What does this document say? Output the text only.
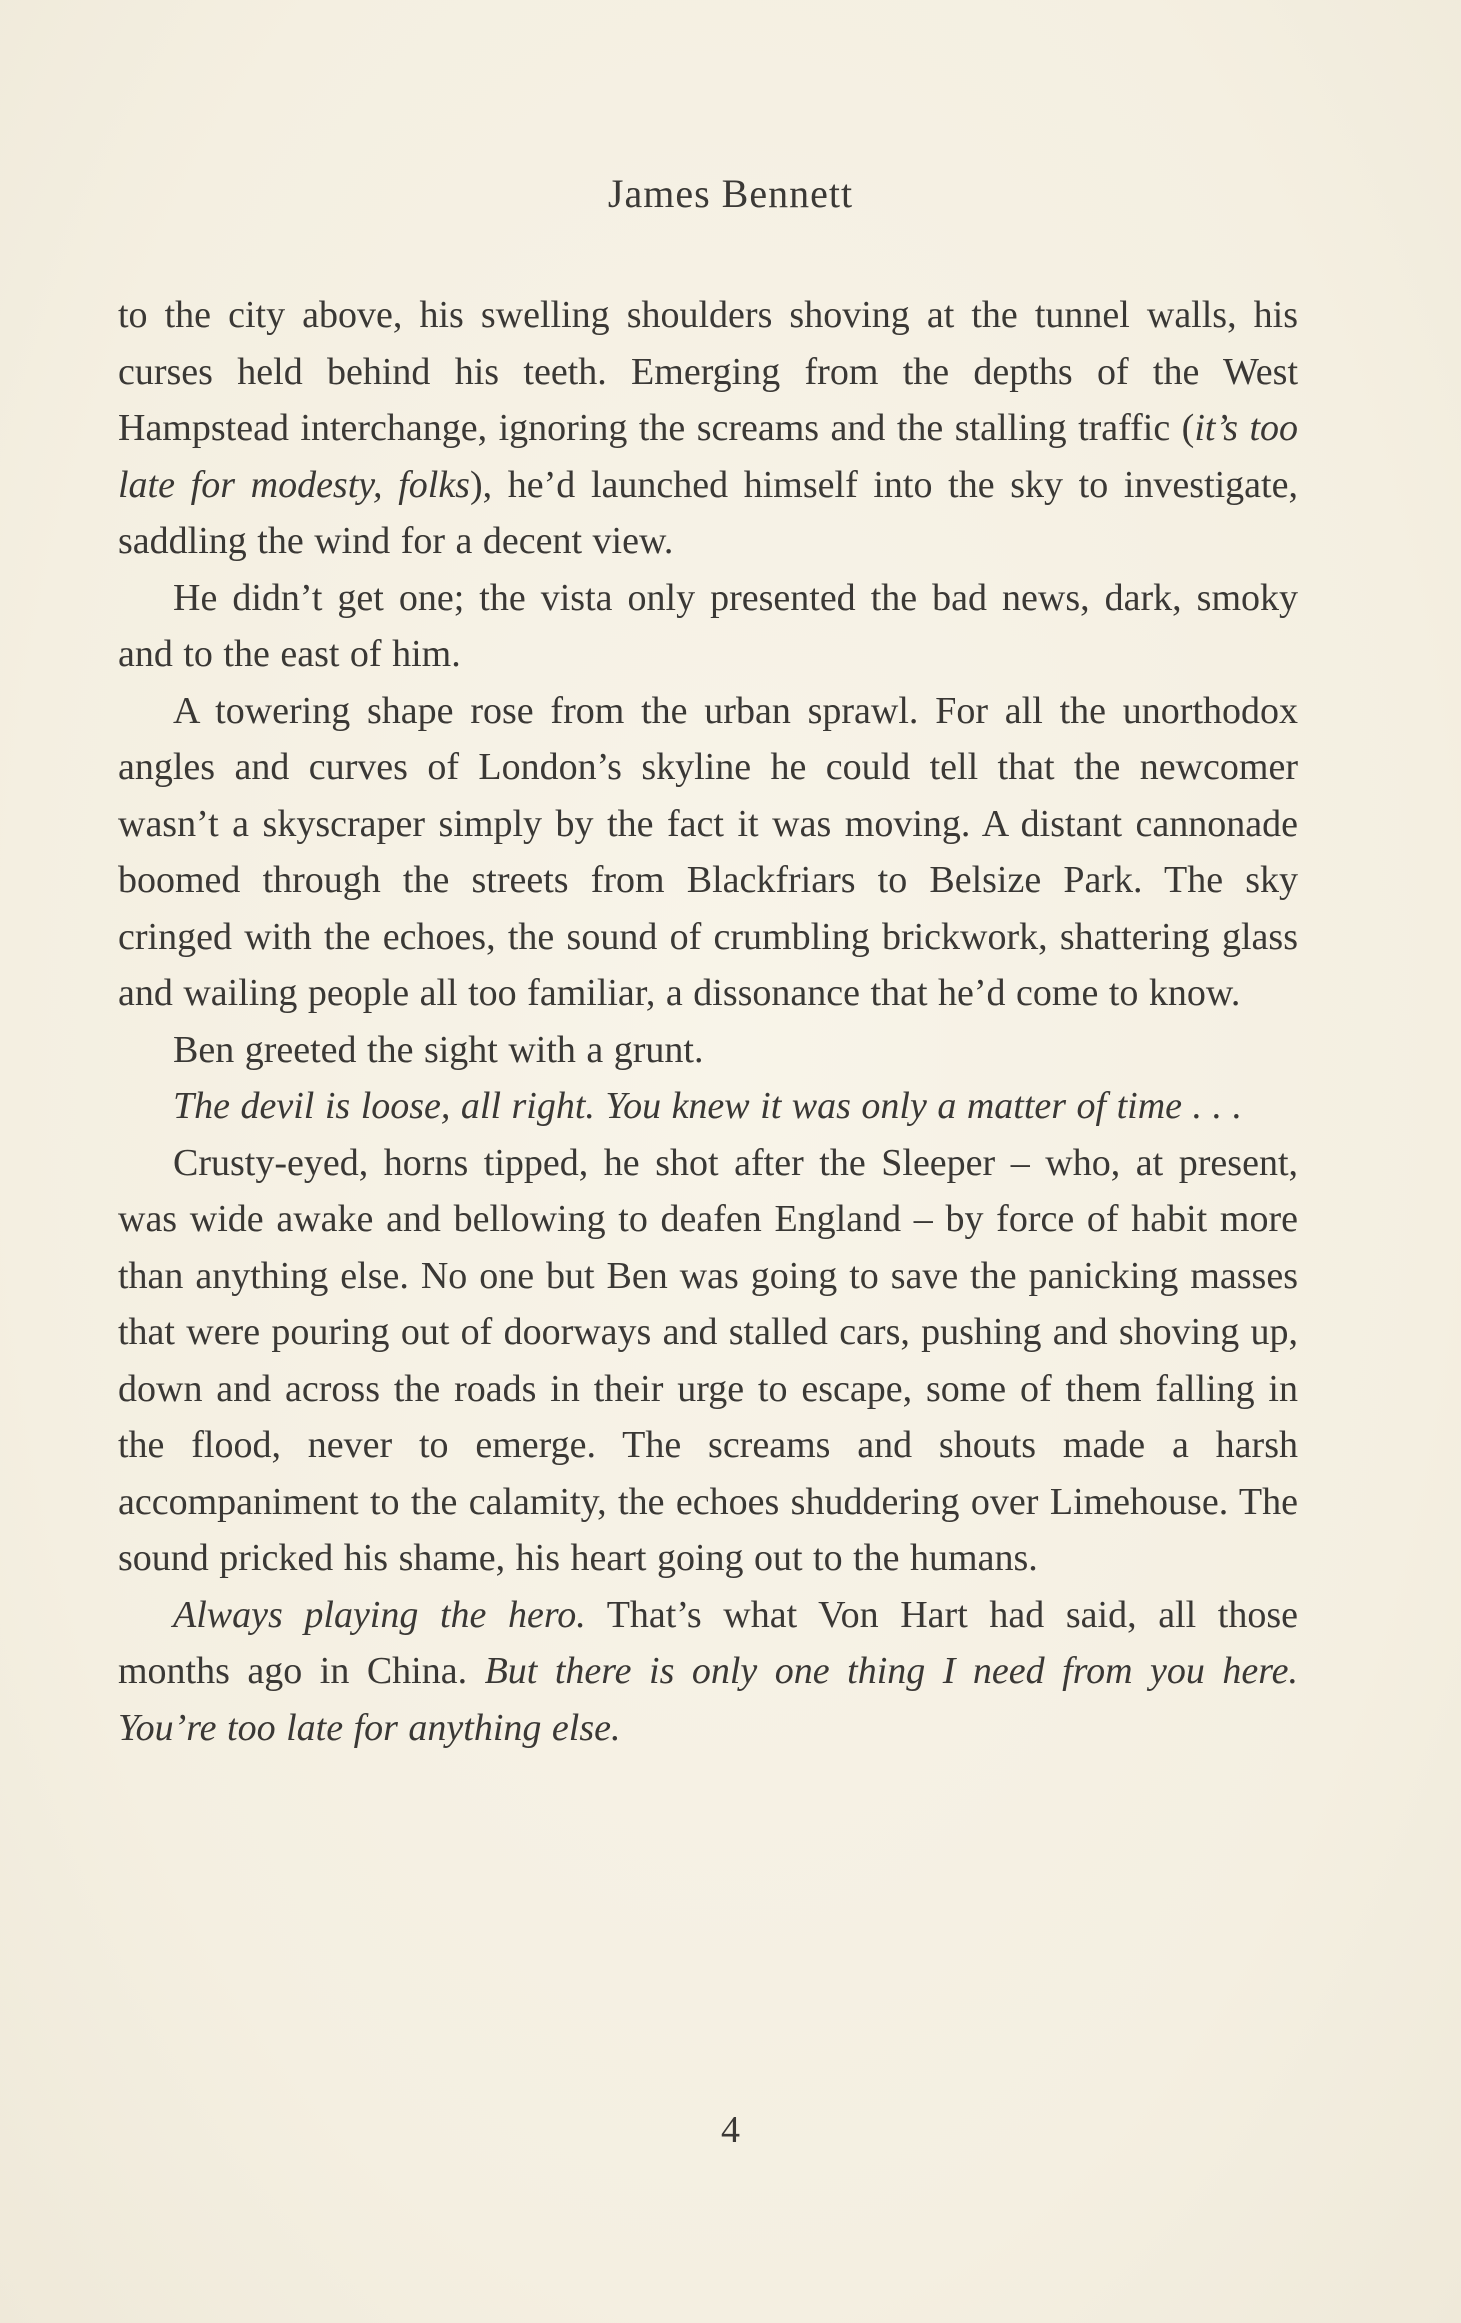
James Bennett

to the city above, his swelling shoulders shoving at the tunnel walls, his curses held behind his teeth. Emerging from the depths of the West Hampstead interchange, ignoring the screams and the stalling traffic (it’s too late for modesty, folks), he’d launched himself into the sky to investigate, saddling the wind for a decent view.

He didn’t get one; the vista only presented the bad news, dark, smoky and to the east of him.

A towering shape rose from the urban sprawl. For all the unorthodox angles and curves of London’s skyline he could tell that the newcomer wasn’t a skyscraper simply by the fact it was moving. A distant cannonade boomed through the streets from Blackfriars to Belsize Park. The sky cringed with the echoes, the sound of crumbling brickwork, shattering glass and wailing people all too familiar, a dissonance that he’d come to know.

Ben greeted the sight with a grunt.

The devil is loose, all right. You knew it was only a matter of time . . .

Crusty-eyed, horns tipped, he shot after the Sleeper – who, at present, was wide awake and bellowing to deafen England – by force of habit more than anything else. No one but Ben was going to save the panicking masses that were pouring out of doorways and stalled cars, pushing and shoving up, down and across the roads in their urge to escape, some of them falling in the flood, never to emerge. The screams and shouts made a harsh accompaniment to the calamity, the echoes shuddering over Limehouse. The sound pricked his shame, his heart going out to the humans.

Always playing the hero. That’s what Von Hart had said, all those months ago in China. But there is only one thing I need from you here. You’re too late for anything else.

4
